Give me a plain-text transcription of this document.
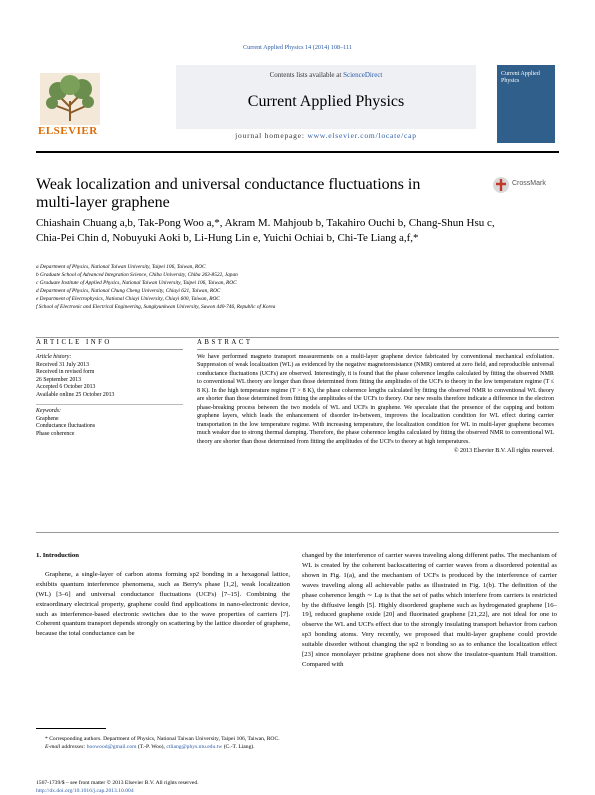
Current Applied Physics 14 (2014) 108–111
ELSEVIER
Contents lists available at ScienceDirect
Current Applied Physics
journal homepage: www.elsevier.com/locate/cap
Current Applied Physics
Weak localization and universal conductance fluctuations in multi-layer graphene
CrossMark
Chiashain Chuang a,b, Tak-Pong Woo a,*, Akram M. Mahjoub b, Takahiro Ouchi b, Chang-Shun Hsu c, Chia-Pei Chin d, Nobuyuki Aoki b, Li-Hung Lin e, Yuichi Ochiai b, Chi-Te Liang a,f,*
a Department of Physics, National Taiwan University, Taipei 106, Taiwan, ROC
b Graduate School of Advanced Integration Science, Chiba University, Chiba 263-8522, Japan
c Graduate Institute of Applied Physics, National Taiwan University, Taipei 106, Taiwan, ROC
d Department of Physics, National Chung Cheng University, Chiayi 621, Taiwan, ROC
e Department of Electrophysics, National Chiayi University, Chiayi 600, Taiwan, ROC
f School of Electronic and Electrical Engineering, Sungkyunkwan University, Suwon 440-746, Republic of Korea
ARTICLE INFO	ABSTRACT
Article history:
Received 31 July 2013
Received in revised form
26 September 2013
Accepted 6 October 2013
Available online 25 October 2013
Keywords:
Graphene
Conductance fluctuations
Phase coherence
We have performed magneto transport measurements on a multi-layer graphene device fabricated by conventional mechanical exfoliation. Suppression of weak localization (WL) as evidenced by the negative magnetoresistance (NMR) centered at zero field, and reproducible universal conductance fluctuations (UCFs) are observed. Interestingly, it is found that the phase coherence lengths calculated by fitting the observed NMR to conventional WL theory are longer than those determined from fitting the amplitudes of the UCFs to theory in the low temperature regime (T ≤ 8 K). In the high temperature regime (T > 8 K), the phase coherence lengths calculated by fitting the observed NMR to conventional WL theory are shorter than those determined from fitting the amplitudes of the UCFs to theory. Our new results therefore indicate a difference in the electron phase-breaking process between the two models of WL and UCFs in graphene. We speculate that the presence of the capping and bottom graphene layers, which leads the enhancement of disorder in-between, improves the localization condition for WL effect during carrier transportation in the low temperature regime. With increasing temperature, the localization condition for WL in multi-layer graphene becomes much weaker due to strong thermal damping. Therefore, the phase coherence lengths calculated by fitting the observed NMR to conventional WL theory are shorter than those determined from fitting the amplitudes of the UCFs to theory at high temperatures.
© 2013 Elsevier B.V. All rights reserved.
1. Introduction
Graphene, a single-layer of carbon atoms forming sp2 bonding in a hexagonal lattice, exhibits quantum interference phenomena, such as Berry's phase [1,2], weak localization (WL) [3–6] and universal conductance fluctuations (UCFs) [7–15]. Combining the extraordinary electrical property, graphene could find applications in nano-electronic device, such as interference-based electronic switches due to the wave properties of carriers [7]. Coherent quantum transport depends strongly on scattering by the lattice disorder of graphene, because the total conductance can be
changed by the interference of carrier waves traveling along different paths. The mechanism of WL is created by the coherent backscattering of carrier waves from a disordered potential as shown in Fig. 1(a), and the mechanism of UCFs is produced by the interference of carrier waves traveling along all achievable paths as illustrated in Fig. 1(b). The definition of the phase coherence length ∼ Lφ is that the set of paths which interfere from carriers is restricted by the diffusive length [5]. Highly disordered graphene such as hydrogenated graphene [16–19], reduced graphene oxide [20] and fluorinated graphene [21,22], are not ideal for one to observe the WL and UCFs effect due to the strongly insulating transport behavior from carbon sp3 bonding atoms. Very recently, we proposed that multi-layer graphene could provide suitable disorder without changing the sp2 π bonding so as to enhance the localization effect [23] since monolayer pristine graphene does not show the insulator-quantum Hall transition. Compared with
* Corresponding authors. Department of Physics, National Taiwan University, Taipei 106, Taiwan, ROC.
E-mail addresses: hoowood@gmail.com (T.-P. Woo), ctliang@phys.ntu.edu.tw (C.-T. Liang).
1567-1739/$ – see front matter © 2013 Elsevier B.V. All rights reserved.
http://dx.doi.org/10.1016/j.cap.2013.10.004
